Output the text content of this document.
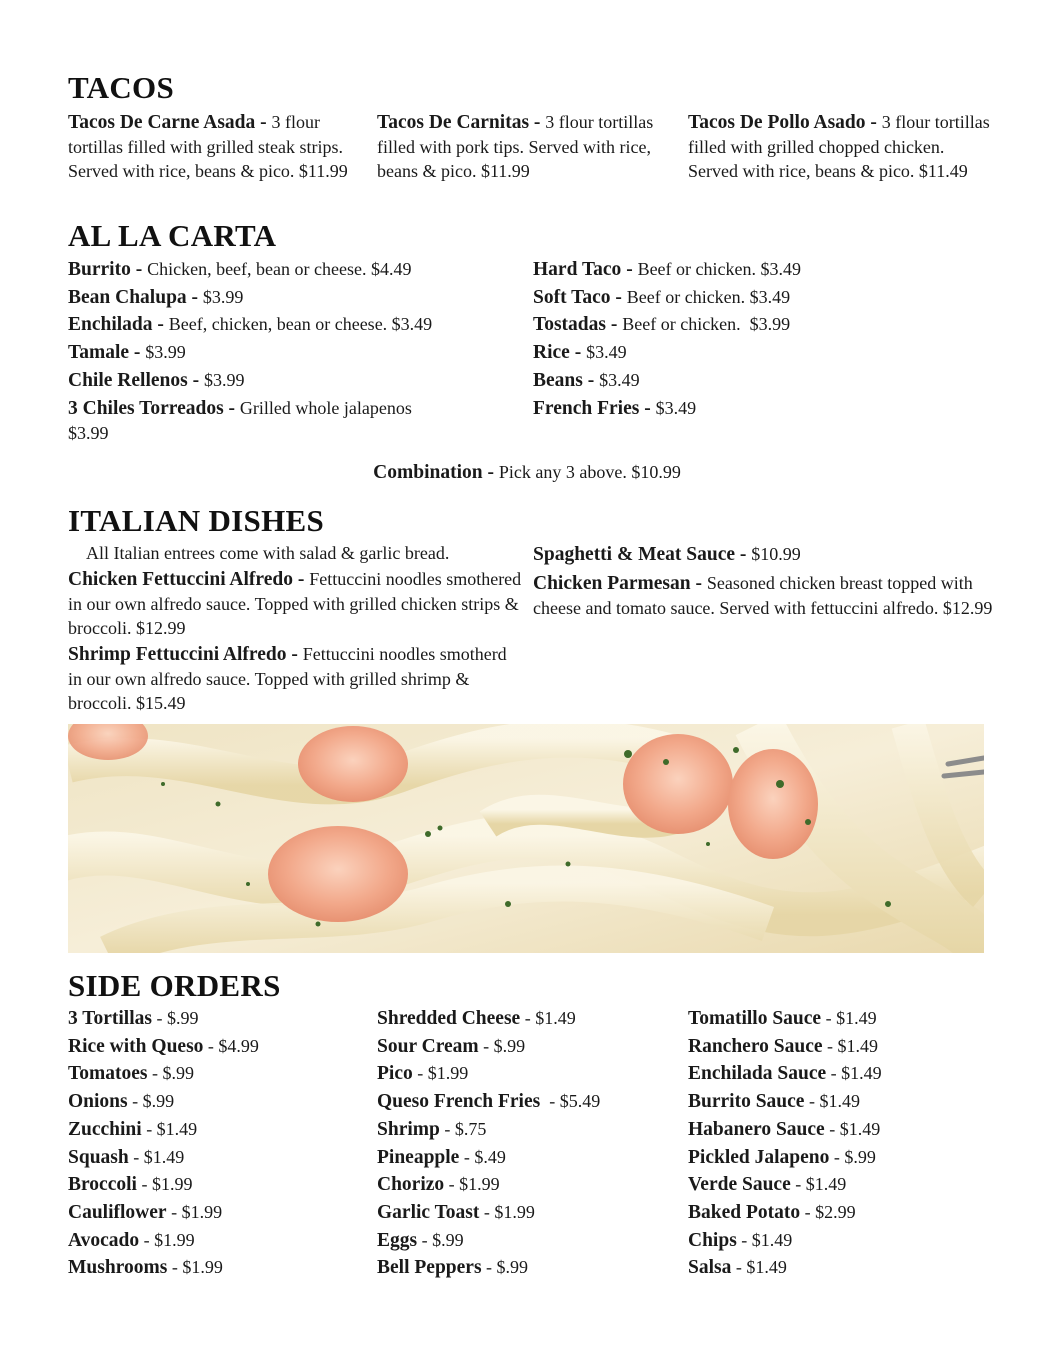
TACOS
Tacos De Carne Asada - 3 flour tortillas filled with grilled steak strips. Served with rice, beans & pico. $11.99
Tacos De Carnitas - 3 flour tortillas filled with pork tips. Served with rice, beans & pico. $11.99
Tacos De Pollo Asado - 3 flour tortillas filled with grilled chopped chicken. Served with rice, beans & pico. $11.49
AL LA CARTA
Burrito - Chicken, beef, bean or cheese. $4.49
Bean Chalupa - $3.99
Enchilada - Beef, chicken, bean or cheese. $3.49
Tamale - $3.99
Chile Rellenos - $3.99
3 Chiles Torreados - Grilled whole jalapenos
$3.99
Hard Taco - Beef or chicken. $3.49
Soft Taco - Beef or chicken. $3.49
Tostadas - Beef or chicken.  $3.99
Rice - $3.49
Beans - $3.49
French Fries - $3.49
Combination - Pick any 3 above. $10.99
ITALIAN DISHES
All Italian entrees come with salad & garlic bread.
Chicken Fettuccini Alfredo - Fettuccini noodles smothered in our own alfredo sauce. Topped with grilled chicken strips & broccoli. $12.99
Shrimp Fettuccini Alfredo - Fettuccini noodles smotherd in our own alfredo sauce. Topped with grilled shrimp & broccoli. $15.49
Spaghetti & Meat Sauce - $10.99
Chicken Parmesan - Seasoned chicken breast topped with cheese and tomato sauce. Served with fettuccini alfredo. $12.99
SIDE ORDERS
3 Tortillas - $.99
Rice with Queso - $4.99
Tomatoes - $.99
Onions - $.99
Zucchini - $1.49
Squash - $1.49
Broccoli - $1.99
Cauliflower - $1.99
Avocado - $1.99
Mushrooms - $1.99
Shredded Cheese - $1.49
Sour Cream - $.99
Pico - $1.99
Queso French Fries  - $5.49
Shrimp - $.75
Pineapple - $.49
Chorizo - $1.99
Garlic Toast - $1.99
Eggs - $.99
Bell Peppers - $.99
Tomatillo Sauce - $1.49
Ranchero Sauce - $1.49
Enchilada Sauce - $1.49
Burrito Sauce - $1.49
Habanero Sauce - $1.49
Pickled Jalapeno - $.99
Verde Sauce - $1.49
Baked Potato - $2.99
Chips - $1.49
Salsa - $1.49
